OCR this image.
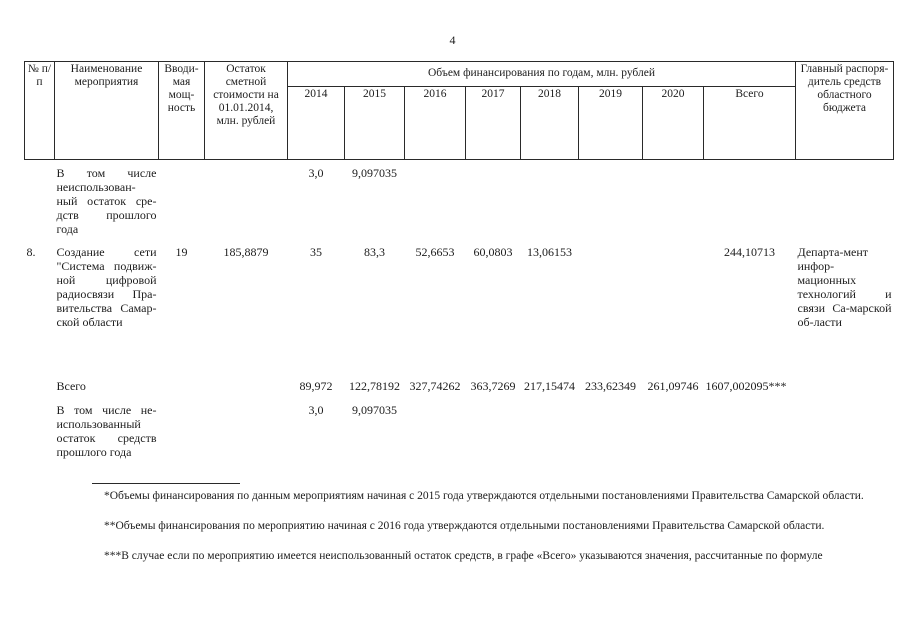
4
№ п/п	Наименование мероприятия	Вводи-мая мощ-ность	Остаток сметной стоимости на 01.01.2014, млн. рублей	Объем финансирования по годам, млн. рублей								Главный распоря-дитель средств областного бюджета
				2014	2015	2016	2017	2018	2019	2020	Всего	
	В том числе неиспользован-ный остаток сре-дств прошлого года			3,0	9,097035							
8.	Создание сети "Система подвиж-ной цифровой радиосвязи Пра-вительства Самар-ской области	19	185,8879	35	83,3	52,6653	60,0803	13,06153			244,10713	Департа-мент инфор-мационных технологий и связи Са-марской об-ласти
	Всего			89,972	122,78192	327,74262	363,7269	217,15474	233,62349	261,09746	1607,002095***	
	В том числе не-использованный остаток средств прошлого года			3,0	9,097035							
*Объемы финансирования по данным мероприятиям начиная с 2015 года утверждаются отдельными постановлениями Правительства Самарской области.
**Объемы финансирования по мероприятию начиная с 2016 года утверждаются отдельными постановлениями Правительства Самарской области.
***В случае если по мероприятию имеется неиспользованный остаток средств, в графе «Всего» указываются значения, рассчитанные по формуле
